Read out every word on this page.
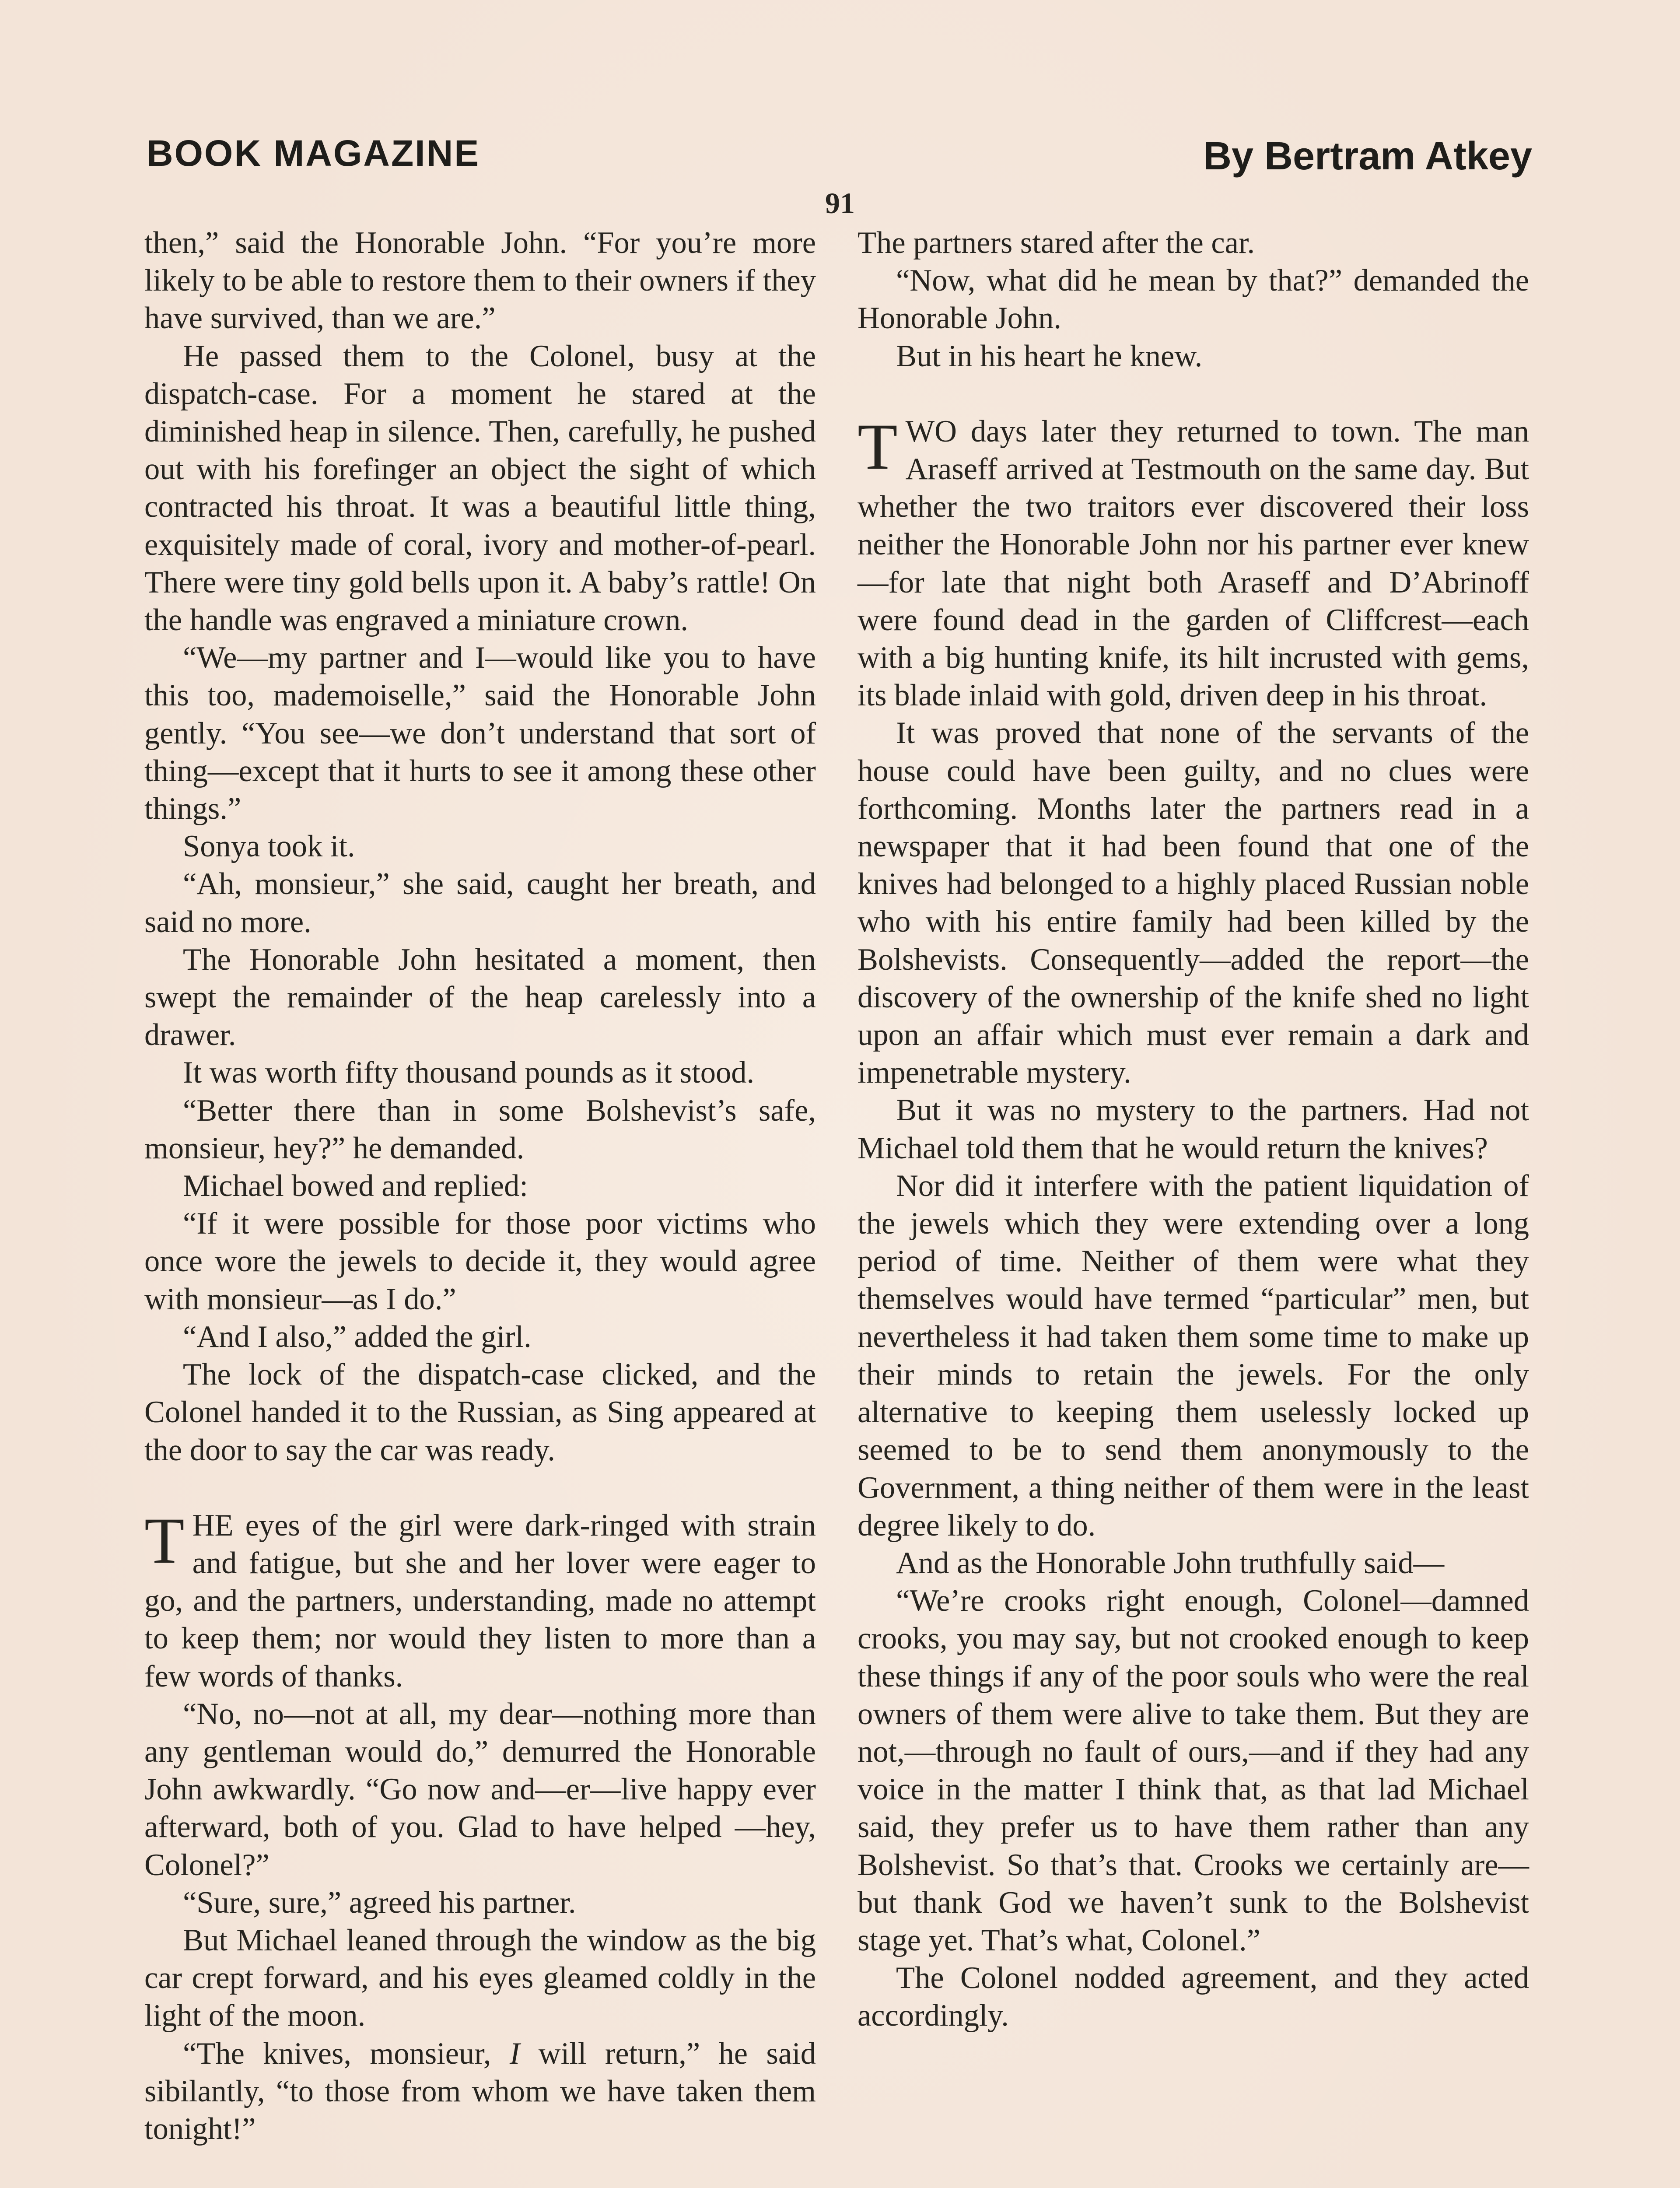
BOOK MAGAZINE	By Bertram Atkey
91

then,” said the Honorable John. “For you’re more likely to be able to restore them to their owners if they have survived, than we are.”

He passed them to the Colonel, busy at the dispatch-case. For a moment he stared at the diminished heap in silence. Then, carefully, he pushed out with his forefinger an object the sight of which contracted his throat. It was a beautiful little thing, exquisitely made of coral, ivory and mother-of-pearl. There were tiny gold bells upon it. A baby’s rattle! On the handle was engraved a miniature crown.

“We—my partner and I—would like you to have this too, mademoiselle,” said the Honorable John gently. “You see—we don’t understand that sort of thing—except that it hurts to see it among these other things.”

Sonya took it.

“Ah, monsieur,” she said, caught her breath, and said no more.

The Honorable John hesitated a moment, then swept the remainder of the heap carelessly into a drawer.

It was worth fifty thousand pounds as it stood.

“Better there than in some Bolshevist’s safe, monsieur, hey?” he demanded.

Michael bowed and replied:

“If it were possible for those poor victims who once wore the jewels to decide it, they would agree with monsieur—as I do.”

“And I also,” added the girl.

The lock of the dispatch-case clicked, and the Colonel handed it to the Russian, as Sing appeared at the door to say the car was ready.

THE eyes of the girl were dark-ringed with strain and fatigue, but she and her lover were eager to go, and the partners, understanding, made no attempt to keep them; nor would they listen to more than a few words of thanks.

“No, no—not at all, my dear—nothing more than any gentleman would do,” demurred the Honorable John awkwardly. “Go now and—er—live happy ever afterward, both of you. Glad to have helped —hey, Colonel?”

“Sure, sure,” agreed his partner.

But Michael leaned through the window as the big car crept forward, and his eyes gleamed coldly in the light of the moon.

“The knives, monsieur, I will return,” he said sibilantly, “to those from whom we have taken them tonight!”

The partners stared after the car.

“Now, what did he mean by that?” demanded the Honorable John.

But in his heart he knew.

TWO days later they returned to town. The man Araseff arrived at Testmouth on the same day. But whether the two traitors ever discovered their loss neither the Honorable John nor his partner ever knew—for late that night both Araseff and D’Abrinoff were found dead in the garden of Cliffcrest—each with a big hunting knife, its hilt incrusted with gems, its blade inlaid with gold, driven deep in his throat.

It was proved that none of the servants of the house could have been guilty, and no clues were forthcoming. Months later the partners read in a newspaper that it had been found that one of the knives had belonged to a highly placed Russian noble who with his entire family had been killed by the Bolshevists. Consequently—added the report—the discovery of the ownership of the knife shed no light upon an affair which must ever remain a dark and impenetrable mystery.

But it was no mystery to the partners. Had not Michael told them that he would return the knives?

Nor did it interfere with the patient liquidation of the jewels which they were extending over a long period of time. Neither of them were what they themselves would have termed “particular” men, but nevertheless it had taken them some time to make up their minds to retain the jewels. For the only alternative to keeping them uselessly locked up seemed to be to send them anonymously to the Government, a thing neither of them were in the least degree likely to do.

And as the Honorable John truthfully said—

“We’re crooks right enough, Colonel—damned crooks, you may say, but not crooked enough to keep these things if any of the poor souls who were the real owners of them were alive to take them. But they are not,—through no fault of ours,—and if they had any voice in the matter I think that, as that lad Michael said, they prefer us to have them rather than any Bolshevist. So that’s that. Crooks we certainly are—but thank God we haven’t sunk to the Bolshevist stage yet. That’s what, Colonel.”

The Colonel nodded agreement, and they acted accordingly.
